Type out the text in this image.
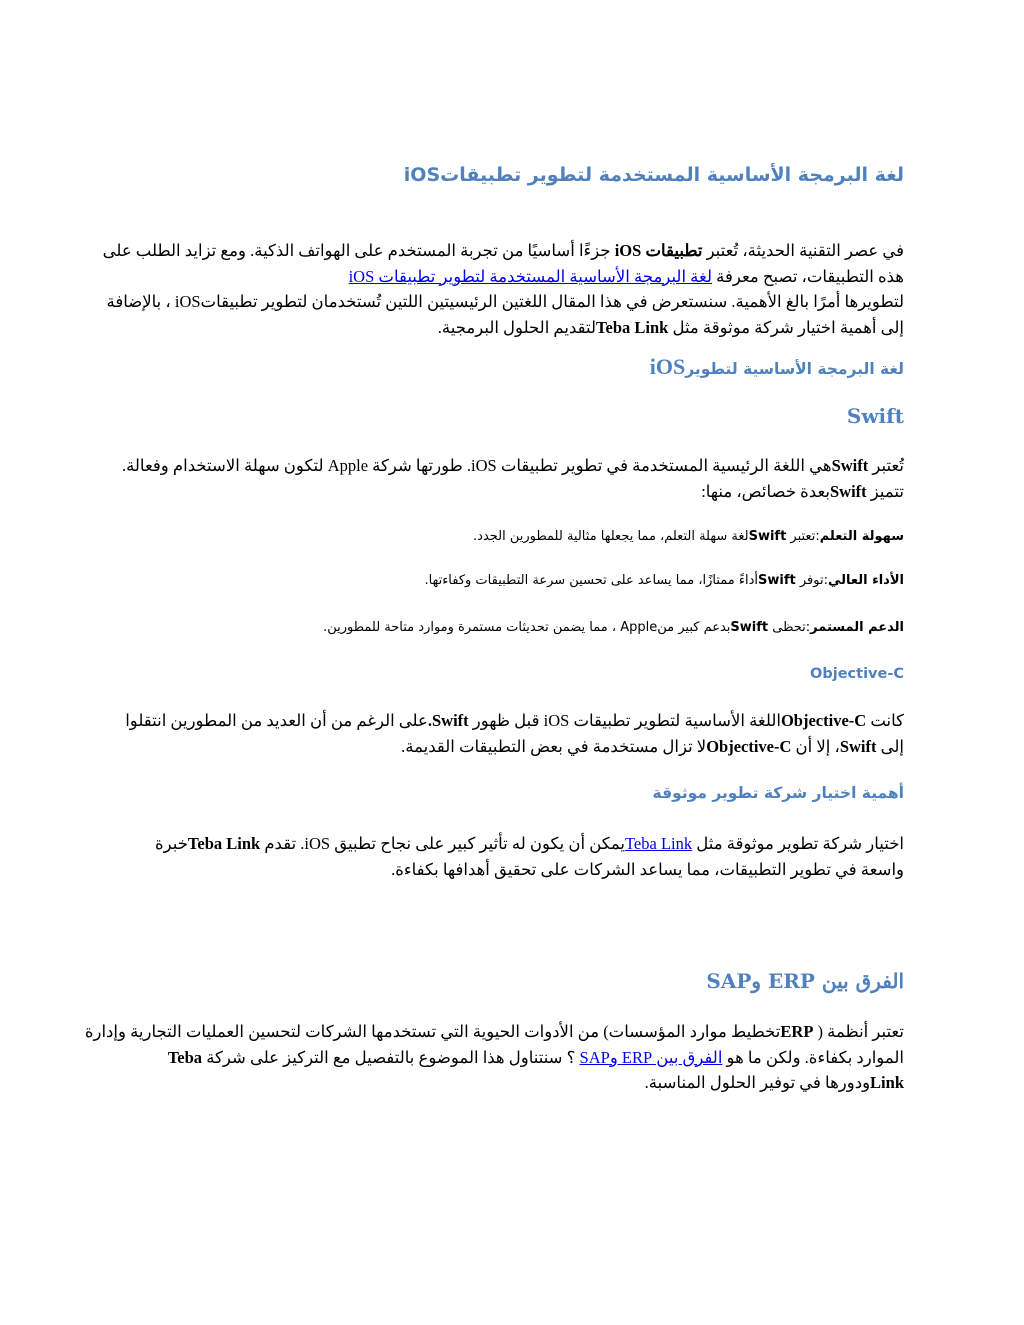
لغة البرمجة الأساسية المستخدمة لتطوير تطبيقاتiOS
في عصر التقنية الحديثة، تُعتبر تطبيقات iOS جزءًا أساسيًا من تجربة المستخدم على الهواتف الذكية. ومع تزايد الطلب على
هذه التطبيقات، تصبح معرفة لغة البرمجة الأساسية المستخدمة لتطوير تطبيقات iOS
لتطويرها أمرًا بالغ الأهمية. سنستعرض في هذا المقال اللغتين الرئيسيتين اللتين تُستخدمان لتطوير تطبيقاتiOS ، بالإضافة
إلى أهمية اختيار شركة موثوقة مثل Teba Linkلتقديم الحلول البرمجية.
لغة البرمجة الأساسية لتطويرiOS
Swift
تُعتبر Swiftهي اللغة الرئيسية المستخدمة في تطوير تطبيقات iOS. طورتها شركة Apple لتكون سهلة الاستخدام وفعالة.
تتميز Swiftبعدة خصائص، منها:
سهولة التعلم:تعتبر Swiftلغة سهلة التعلم، مما يجعلها مثالية للمطورين الجدد.
الأداء العالي:توفر Swiftأداءً ممتازًا، مما يساعد على تحسين سرعة التطبيقات وكفاءتها.
الدعم المستمر:تحظى Swiftبدعم كبير منApple ، مما يضمن تحديثات مستمرة وموارد متاحة للمطورين.
Objective-C
كانت Objective-Cاللغة الأساسية لتطوير تطبيقات iOS قبل ظهور Swift.على الرغم من أن العديد من المطورين انتقلوا
إلى Swift، إلا أن Objective-Cلا تزال مستخدمة في بعض التطبيقات القديمة.
أهمية اختيار شركة تطوير موثوقة
اختيار شركة تطوير موثوقة مثل Teba Linkيمكن أن يكون له تأثير كبير على نجاح تطبيق iOS. تقدم Teba Linkخبرة
واسعة في تطوير التطبيقات، مما يساعد الشركات على تحقيق أهدافها بكفاءة.
الفرق بين ERP وSAP
تعتبر أنظمة ( ERPتخطيط موارد المؤسسات) من الأدوات الحيوية التي تستخدمها الشركات لتحسين العمليات التجارية وإدارة
الموارد بكفاءة. ولكن ما هو الفرق بين ERP وSAP ؟ سنتناول هذا الموضوع بالتفصيل مع التركيز على شركة Teba
Linkودورها في توفير الحلول المناسبة.
